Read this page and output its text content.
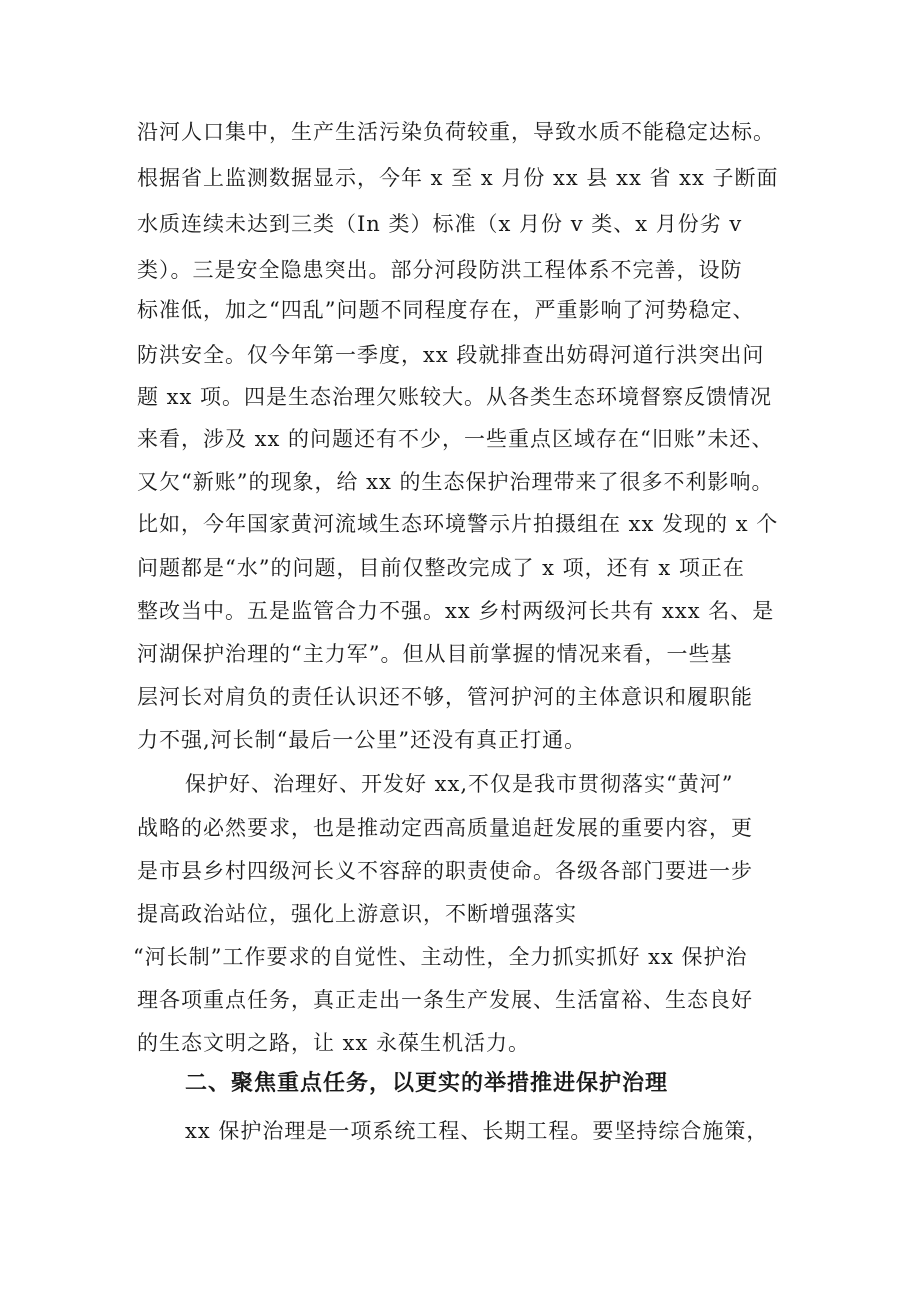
沿河人口集中，生产生活污染负荷较重，导致水质不能稳定达标。
根据省上监测数据显示，今年 x 至 x 月份 xx 县 xx 省 xx 子断面
水质连续未达到三类（In 类）标准（x 月份 v 类、x 月份劣 v
类）。三是安全隐患突出。部分河段防洪工程体系不完善，设防
标准低，加之“四乱”问题不同程度存在，严重影响了河势稳定、
防洪安全。仅今年第一季度，xx 段就排查出妨碍河道行洪突出问
题 xx 项。四是生态治理欠账较大。从各类生态环境督察反馈情况
来看，涉及 xx 的问题还有不少，一些重点区域存在“旧账”未还、
又欠“新账”的现象，给 xx 的生态保护治理带来了很多不利影响。
比如，今年国家黄河流域生态环境警示片拍摄组在 xx 发现的 x 个
问题都是“水”的问题，目前仅整改完成了 x 项，还有 x 项正在
整改当中。五是监管合力不强。xx 乡村两级河长共有 xxx 名、是
河湖保护治理的“主力军”。但从目前掌握的情况来看，一些基
层河长对肩负的责任认识还不够，管河护河的主体意识和履职能
力不强,河长制“最后一公里”还没有真正打通。
保护好、治理好、开发好 xx,不仅是我市贯彻落实“黄河”
战略的必然要求，也是推动定西高质量追赶发展的重要内容，更
是市县乡村四级河长义不容辞的职责使命。各级各部门要进一步
提高政治站位，强化上游意识，不断增强落实
“河长制”工作要求的自觉性、主动性，全力抓实抓好 xx 保护治
理各项重点任务，真正走出一条生产发展、生活富裕、生态良好
的生态文明之路，让 xx 永葆生机活力。
二、聚焦重点任务，以更实的举措推进保护治理
xx 保护治理是一项系统工程、长期工程。要坚持综合施策，
